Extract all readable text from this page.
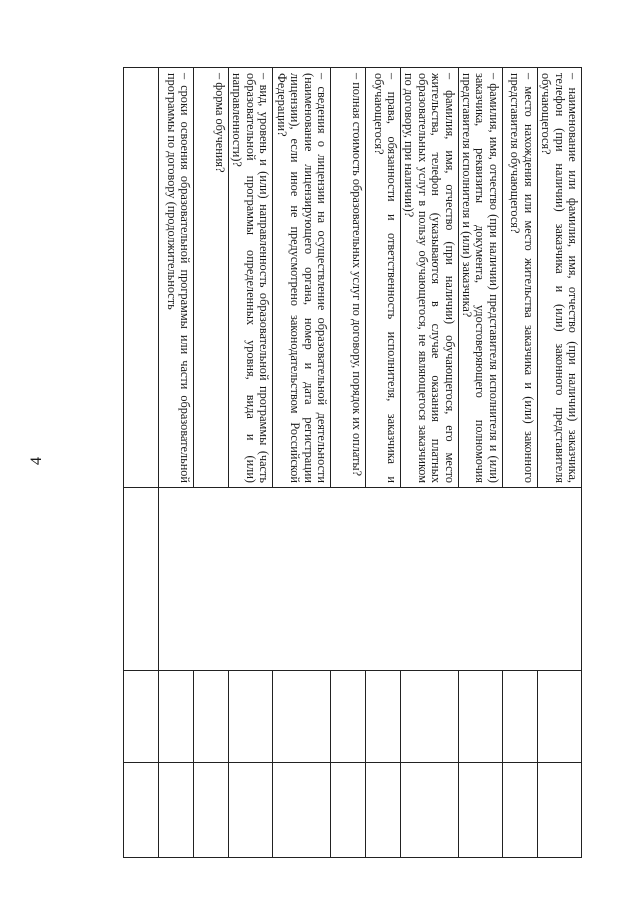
4	– наименование или фамилия, имя, отчество (при наличии) заказчика, телефон (при наличии) заказчика и (или) законного представителя обучающегося?			
– место нахождения или место жительства заказчика и (или) законного представителя обучающегося?			
– фамилия, имя, отчество (при наличии) представителя исполнителя и (или) заказчика, реквизиты документа, удостоверяющего полномочия представителя исполнителя и (или) заказчика?			
– фамилия, имя, отчество (при наличии) обучающегося, его место жительства, телефон (указываются в случае оказания платных образовательных услуг в пользу обучающегося, не являющегося заказчиком по договору, при наличии)?			
– права, обязанности и ответственность исполнителя, заказчика и обучающегося?			
– полная стоимость образовательных услуг по договору, порядок их оплаты?			
– сведения о лицензии на осуществление образовательной деятельности (наименование лицензирующего органа, номер и дата регистрации лицензии), если иное не предусмотрено законодательством Российской Федерации?			
– вид, уровень и (или) направленность образовательной программы (часть образовательной программы определенных уровня, вида и (или) направленности)?			
– форма обучения?			
– сроки освоения образовательной программы или части образовательной программы по договору (продолжительность			
